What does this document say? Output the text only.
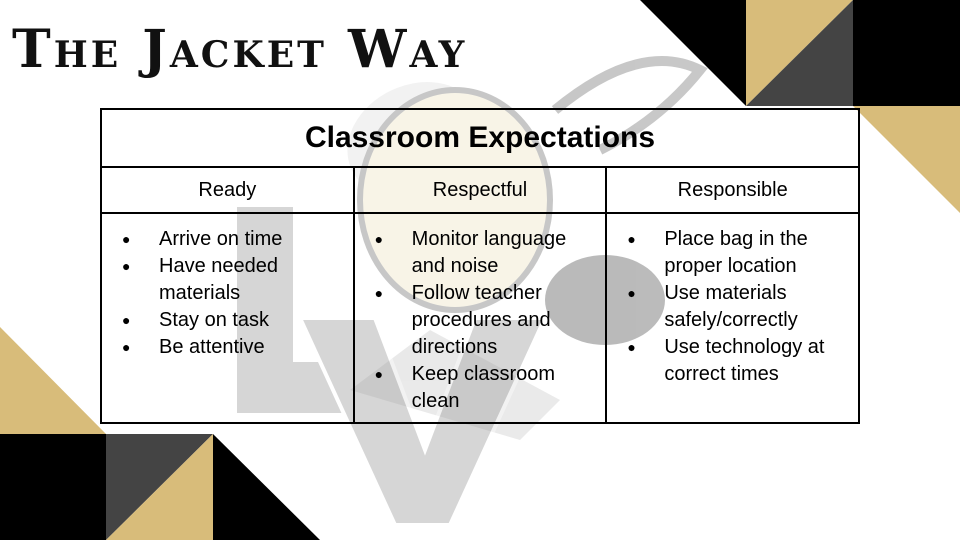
The Jacket Way
Classroom Expectations
Ready	Respectful	Responsible
● Arrive on time
● Have needed materials
● Stay on task
● Be attentive
● Monitor language and noise
● Follow teacher procedures and directions
● Keep classroom clean
● Place bag in the proper location
● Use materials safely/correctly
● Use technology at correct times
